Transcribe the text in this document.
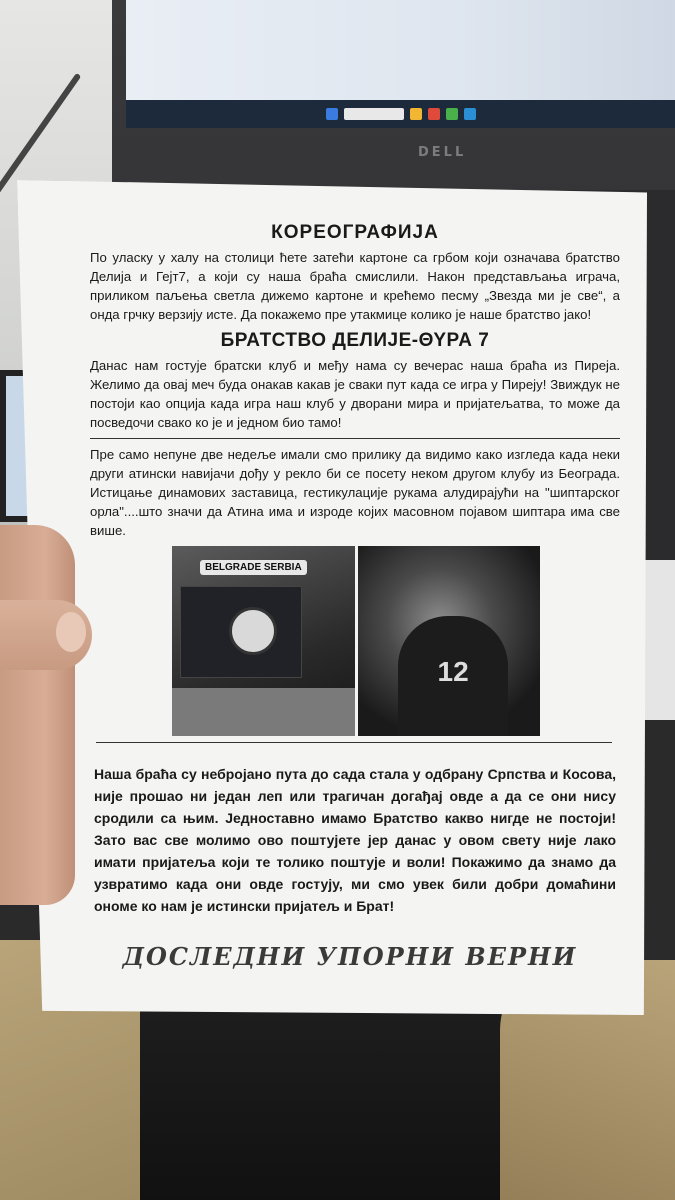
DELL
КОРЕОГРАФИЈА

По уласку у халу на столици ћете затећи картоне са грбом који означава братство Делија и Гејт7, а који су наша браћа смислили. Након представљања играча, приликом паљења светла дижемо картоне и крећемо песму „Звезда ми је све“, а онда грчку верзију исте. Да покажемо пре утакмице колико је наше братство јако!

БРАТСТВО ДЕЛИЈЕ-ΘΥΡΑ 7

Данас нам гостује братски клуб и међу нама су вечерас наша браћа из Пиреја. Желимо да овај меч буда онакав какав је сваки пут када се игра у Пиреју! Звиждук не постоји као опција када игра наш клуб у дворани мира и пријатељатва, то може да посведочи свако ко је и једном био тамо!

Пре само непуне две недеље имали смо прилику да видимо како изгледа када неки други атински навијачи дођу у рекло би се посету неком другом клубу из Београда. Истицање динамових заставица, гестикулације рукама алудирајући на "шиптарског орла"....што значи да Атина има и изроде којих масовном појавом шиптара има све више.

BELGRADE SERBIA
12

Наша браћа су небројано пута до сада стала у одбрану Српства и Косова, није прошао ни један леп или трагичан догађај овде а да се они нису сродили са њим. Једноставно имамо Братство какво нигде не постоји! Зато вас све молимо ово поштујете јер данас у овом свету није лако имати пријатеља који те толико поштује и воли! Покажимо да знамо да узвратимо када они овде гостују, ми смо увек били добри домаћини ономе ко нам је истински пријатељ и Брат!

ДОСЛЕДНИ УПОРНИ ВЕРНИ
